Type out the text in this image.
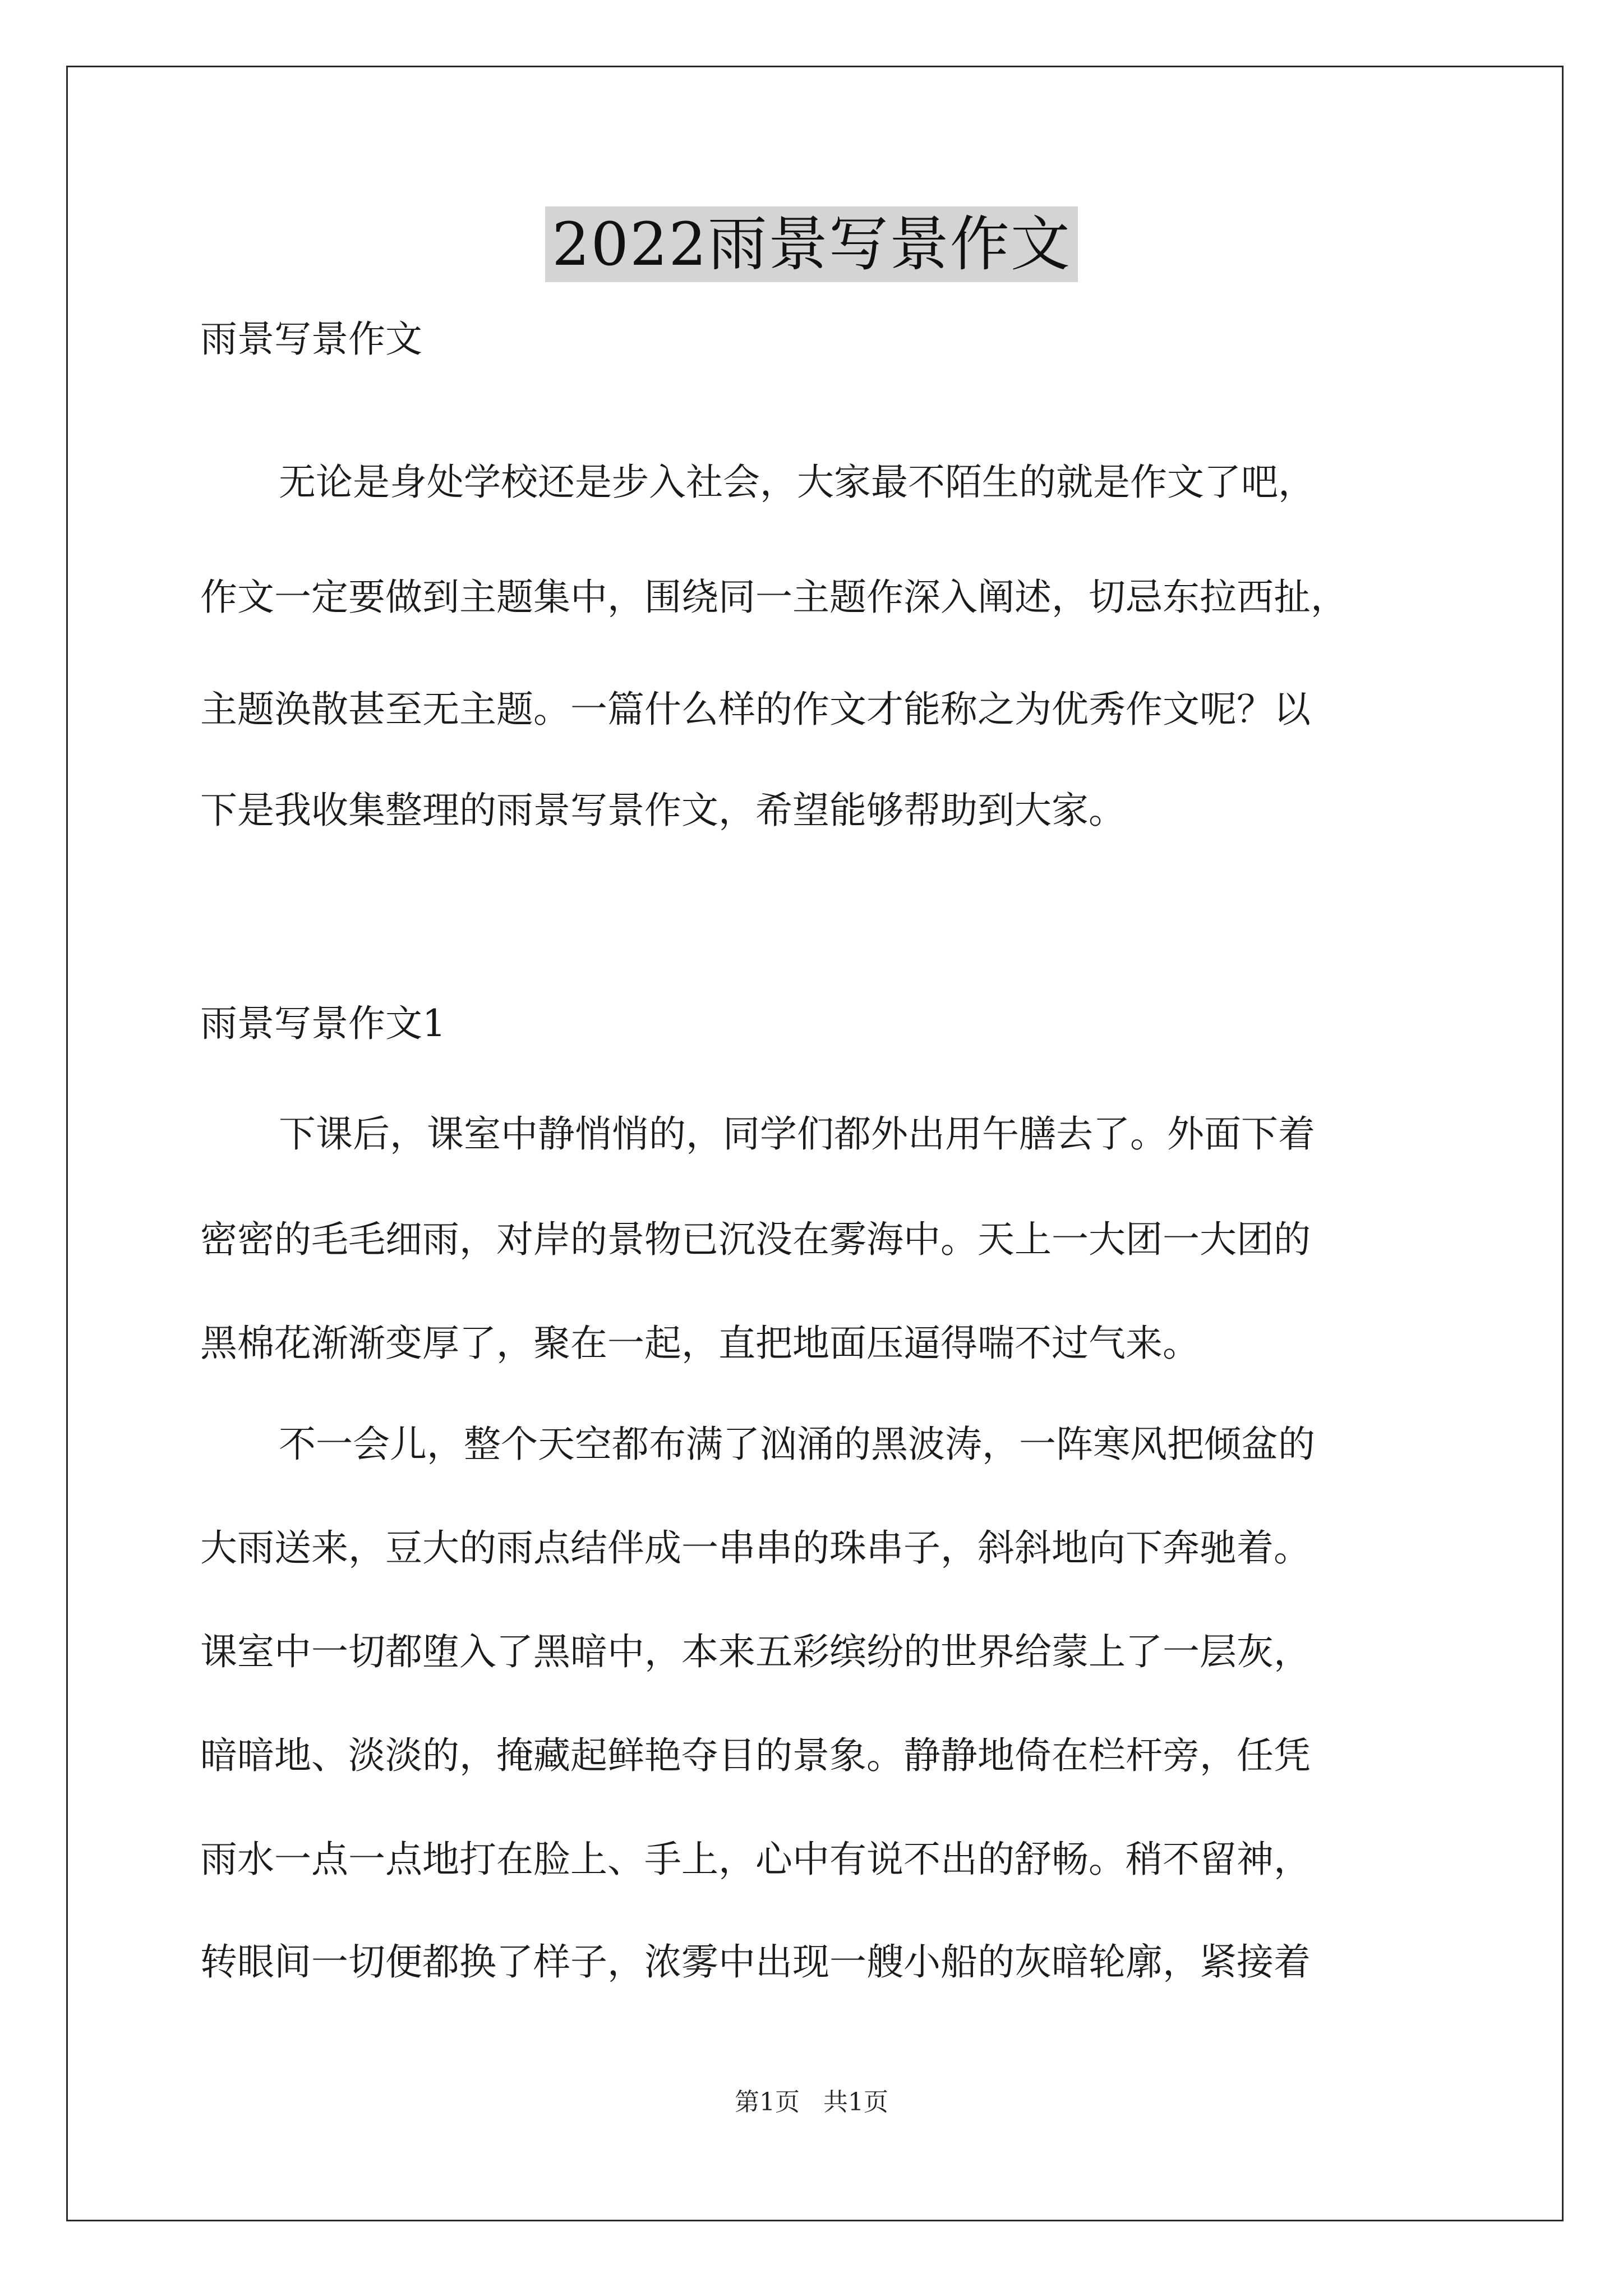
2022雨景写景作文
雨景写景作文
无论是身处学校还是步入社会，大家最不陌生的就是作文了吧，
作文一定要做到主题集中，围绕同一主题作深入阐述，切忌东拉西扯，
主题涣散甚至无主题。一篇什么样的作文才能称之为优秀作文呢？以
下是我收集整理的雨景写景作文，希望能够帮助到大家。
雨景写景作文1
下课后，课室中静悄悄的，同学们都外出用午膳去了。外面下着
密密的毛毛细雨，对岸的景物已沉没在雾海中。天上一大团一大团的
黑棉花渐渐变厚了，聚在一起，直把地面压逼得喘不过气来。
不一会儿，整个天空都布满了汹涌的黑波涛，一阵寒风把倾盆的
大雨送来，豆大的雨点结伴成一串串的珠串子，斜斜地向下奔驰着。
课室中一切都堕入了黑暗中，本来五彩缤纷的世界给蒙上了一层灰，
暗暗地、淡淡的，掩藏起鲜艳夺目的景象。静静地倚在栏杆旁，任凭
雨水一点一点地打在脸上、手上，心中有说不出的舒畅。稍不留神，
转眼间一切便都换了样子，浓雾中出现一艘小船的灰暗轮廓，紧接着
第1页   共1页
